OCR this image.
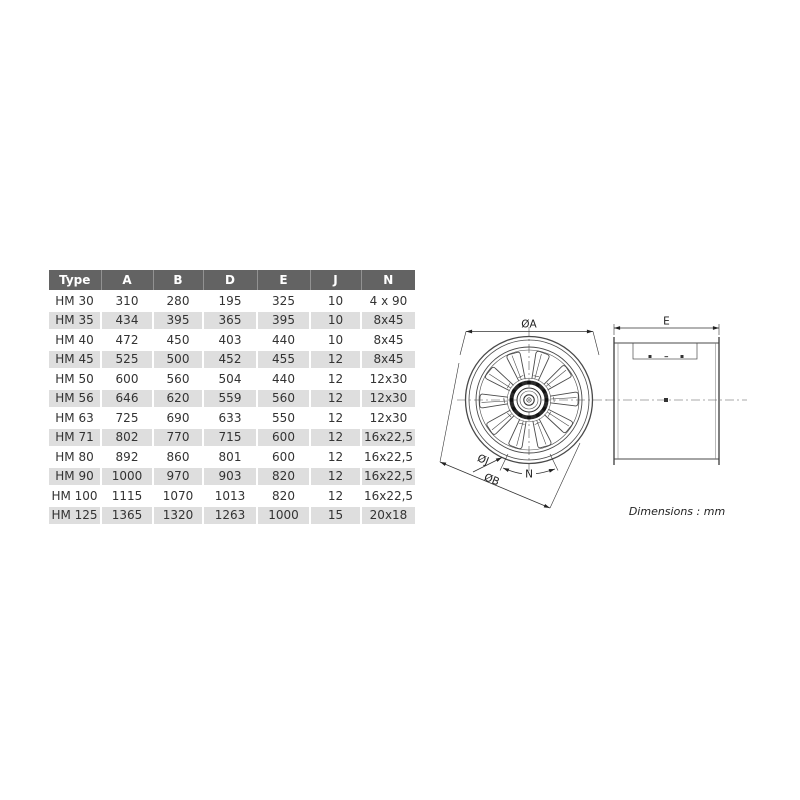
Type	A	B	D	E	J	N
HM 30	310	280	195	325	10	4 x 90
HM 35	434	395	365	395	10	8x45
HM 40	472	450	403	440	10	8x45
HM 45	525	500	452	455	12	8x45
HM 50	600	560	504	440	12	12x30
HM 56	646	620	559	560	12	12x30
HM 63	725	690	633	550	12	12x30
HM 71	802	770	715	600	12	16x22,5
HM 80	892	860	801	600	12	16x22,5
HM 90	1000	970	903	820	12	16x22,5
HM 100	1115	1070	1013	820	12	16x22,5
HM 125	1365	1320	1263	1000	15	20x18
ØA
ØB
ØJ
N
E
Dimensions : mm
